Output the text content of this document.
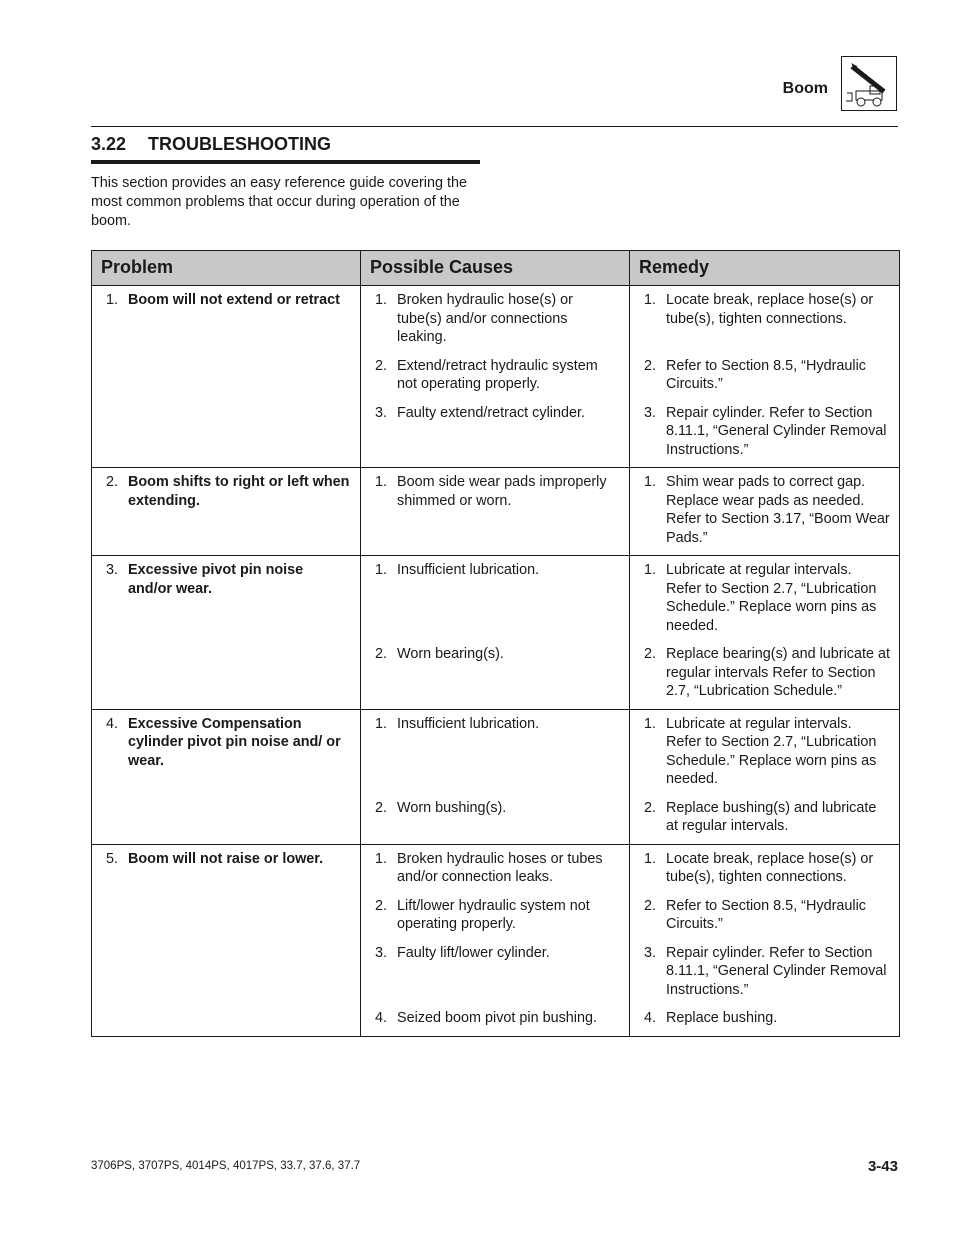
Boom
3.22 TROUBLESHOOTING
This section provides an easy reference guide covering the most common problems that occur during operation of the boom.
Problem	Possible Causes	Remedy

1. Boom will not extend or retract	1. Broken hydraulic hose(s) or tube(s) and/or connections leaking.	1. Locate break, replace hose(s) or tube(s), tighten connections.

	2. Extend/retract hydraulic system not operating properly.	2. Refer to Section 8.5, “Hydraulic Circuits.”

	3. Faulty extend/retract cylinder.	3. Repair cylinder. Refer to Section 8.11.1, “General Cylinder Removal Instructions.”

2. Boom shifts to right or left when extending.	1. Boom side wear pads improperly shimmed or worn.	1. Shim wear pads to correct gap. Replace wear pads as needed. Refer to Section 3.17, “Boom Wear Pads.”

3. Excessive pivot pin noise and/or wear.	1. Insufficient lubrication.	1. Lubricate at regular intervals. Refer to Section 2.7, “Lubrication Schedule.” Replace worn pins as needed.

	2. Worn bearing(s).	2. Replace bearing(s) and lubricate at regular intervals Refer to Section 2.7, “Lubrication Schedule.”

4. Excessive Compensation cylinder pivot pin noise and/ or wear.	1. Insufficient lubrication.	1. Lubricate at regular intervals. Refer to Section 2.7, “Lubrication Schedule.” Replace worn pins as needed.

	2. Worn bushing(s).	2. Replace bushing(s) and lubricate at regular intervals.

5. Boom will not raise or lower.	1. Broken hydraulic hoses or tubes and/or connection leaks.	1. Locate break, replace hose(s) or tube(s), tighten connections.

	2. Lift/lower hydraulic system not operating properly.	2. Refer to Section 8.5, “Hydraulic Circuits.”

	3. Faulty lift/lower cylinder.	3. Repair cylinder. Refer to Section 8.11.1, “General Cylinder Removal Instructions.”

	4. Seized boom pivot pin bushing.	4. Replace bushing.
3706PS, 3707PS, 4014PS, 4017PS, 33.7, 37.6, 37.7	3-43
